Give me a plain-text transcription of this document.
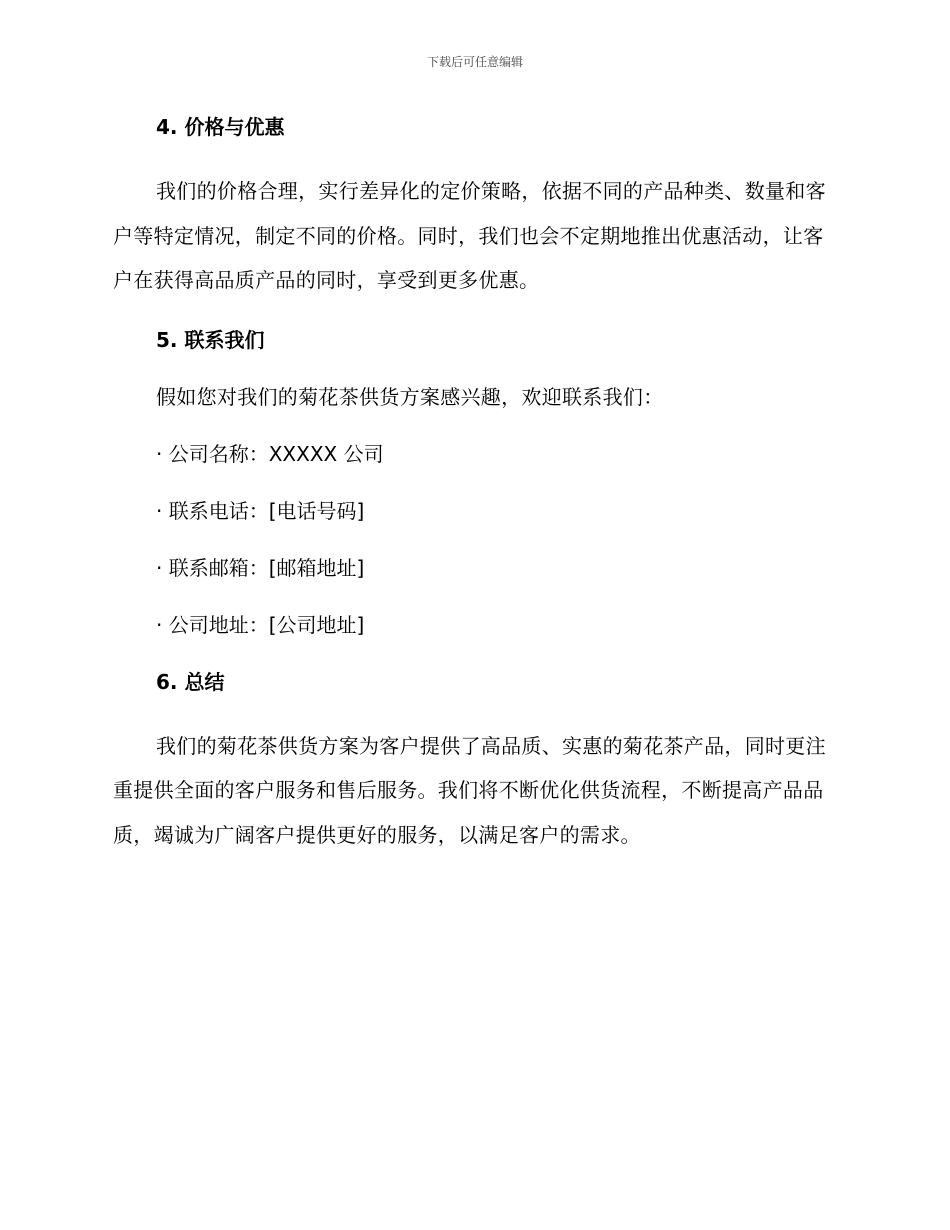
下载后可任意编辑
4. 价格与优惠

我们的价格合理，实行差异化的定价策略，依据不同的产品种类、数量和客户等特定情况，制定不同的价格。同时，我们也会不定期地推出优惠活动，让客户在获得高品质产品的同时，享受到更多优惠。

5. 联系我们

假如您对我们的菊花茶供货方案感兴趣，欢迎联系我们：

· 公司名称：XXXXX 公司
· 联系电话：[电话号码]
· 联系邮箱：[邮箱地址]
· 公司地址：[公司地址]
6. 总结

我们的菊花茶供货方案为客户提供了高品质、实惠的菊花茶产品，同时更注重提供全面的客户服务和售后服务。我们将不断优化供货流程，不断提高产品品质，竭诚为广阔客户提供更好的服务，以满足客户的需求。
